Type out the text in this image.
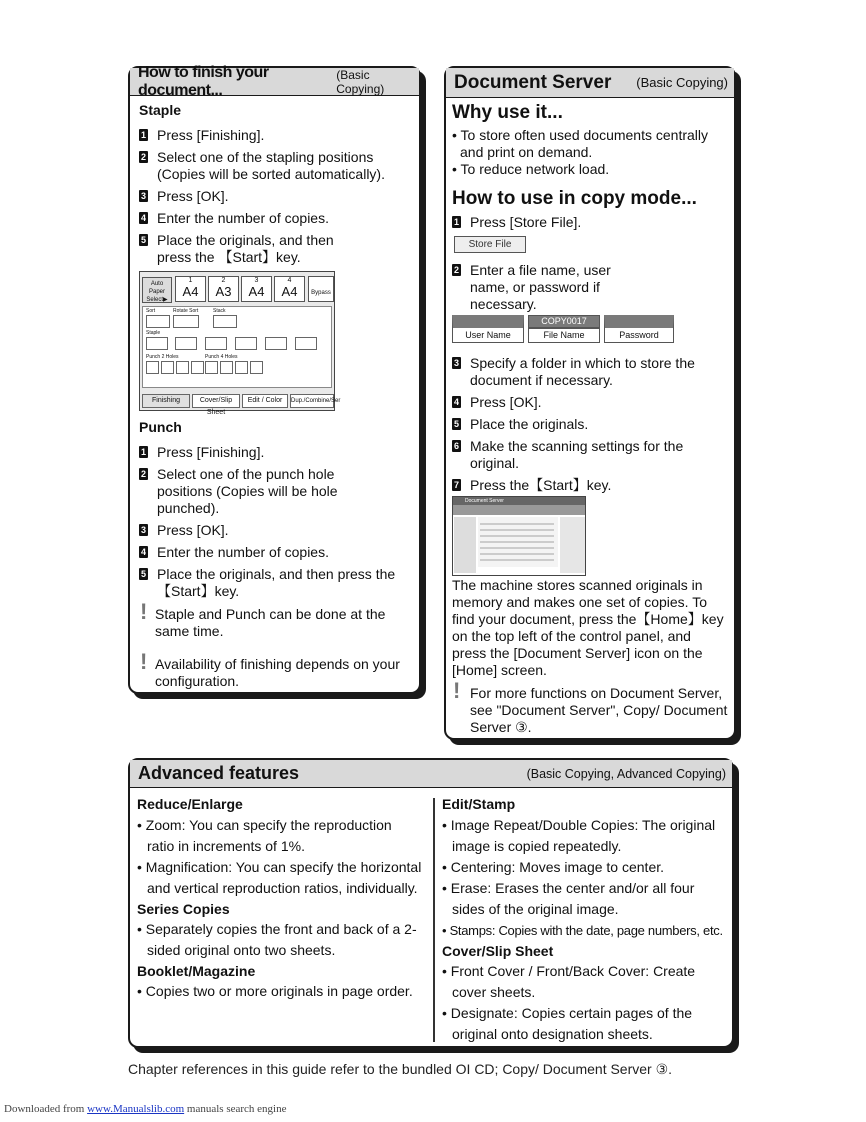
How to finish your document...
(Basic Copying)
Staple
1 Press [Finishing].
2 Select one of the stapling positions (Copies will be sorted automatically).
3 Press [OK].
4 Enter the number of copies.
5 Place the originals, and then press the 【Start】key.
Auto Paper Select▶
1
A4
2
A3
3
A4
4
A4	Bypass
Sort	Rotate Sort	Stack
Staple
Punch 2 Holes	Punch 4 Holes
Finishing	Cover/Slip Sheet
Edit / Color	Dup./Combine/Ser
Punch
1 Press [Finishing].
2 Select one of the punch hole positions (Copies will be hole punched).
3 Press [OK].
4 Enter the number of copies.
5 Place the originals, and then press the 【Start】key.
! Staple and Punch can be done at the same time.
! Availability of finishing depends on your configuration.
Document Server (Basic Copying)
Why use it...
• To store often used documents centrally and print on demand.
• To reduce network load.
How to use in copy mode...
1 Press [Store File].
Store File
2 Enter a file name, user name, or password if necessary.
COPY0017
User Name	File Name	Password
3 Specify a folder in which to store the document if necessary.
4 Press [OK].
5 Place the originals.
6 Make the scanning settings for the original.
7 Press the【Start】key.
Document Server
The machine stores scanned originals in memory and makes one set of copies. To find your document, press the【Home】key on the top left of the control panel, and press the [Document Server] icon on the [Home] screen.
! For more functions on Document Server, see "Document Server", Copy/ Document Server ③.
Advanced features	(Basic Copying, Advanced Copying)
Reduce/Enlarge
• Zoom: You can specify the reproduction ratio in increments of 1%.
• Magnification: You can specify the horizontal and vertical reproduction ratios, individually.
Series Copies
• Separately copies the front and back of a 2-sided original onto two sheets.
Booklet/Magazine
• Copies two or more originals in page order.
Edit/Stamp
• Image Repeat/Double Copies: The original image is copied repeatedly.
• Centering: Moves image to center.
• Erase: Erases the center and/or all four sides of the original image.
• Stamps: Copies with the date, page numbers, etc.
Cover/Slip Sheet
• Front Cover / Front/Back Cover: Create cover sheets.
• Designate: Copies certain pages of the original onto designation sheets.
Chapter references in this guide refer to the bundled OI CD; Copy/ Document Server ③.
Downloaded from www.Manualslib.com manuals search engine
